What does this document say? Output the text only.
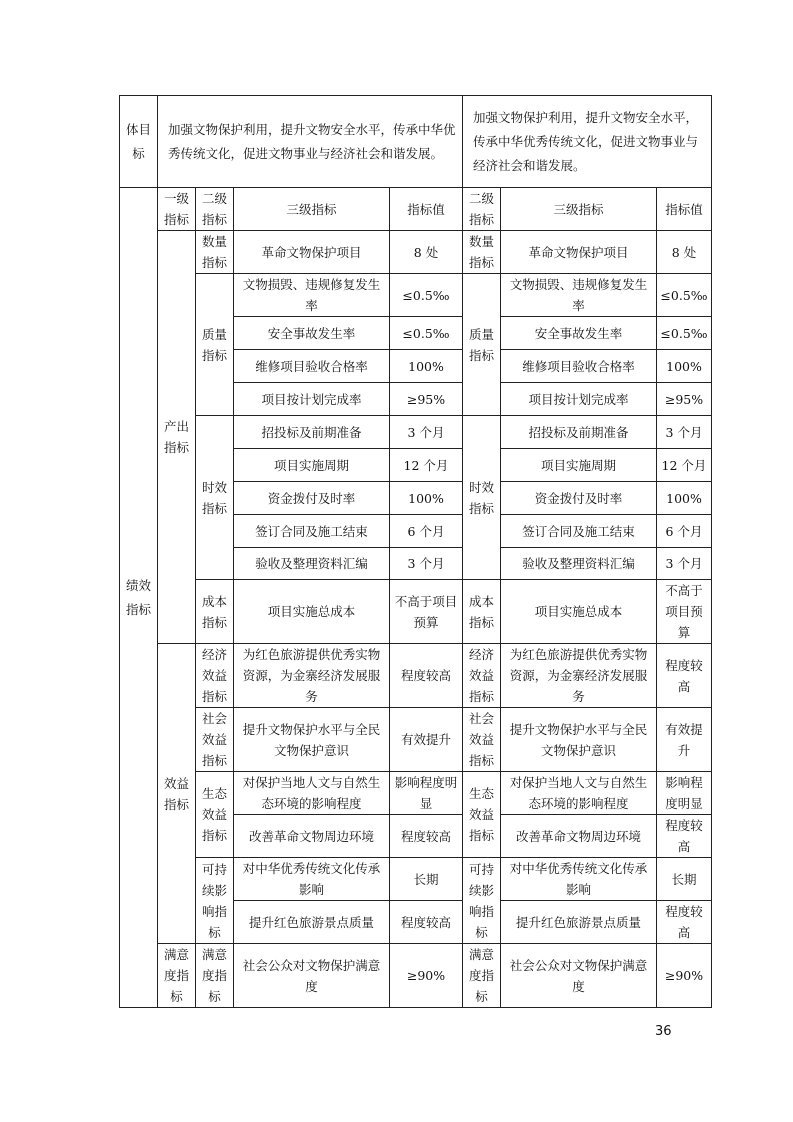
体目标	加强文物保护利用，提升文物安全水平，传承中华优秀传统文化，促进文物事业与经济社会和谐发展。	加强文物保护利用，提升文物安全水平，传承中华优秀传统文化，促进文物事业与经济社会和谐发展。
绩效指标	一级指标	二级指标	三级指标	指标值	二级指标	三级指标	指标值
	产出指标	数量指标	革命文物保护项目	8 处	数量指标	革命文物保护项目	8 处
		质量指标	文物损毁、违规修复发生率	≤0.5‰	质量指标	文物损毁、违规修复发生率	≤0.5‰
			安全事故发生率	≤0.5‰		安全事故发生率	≤0.5‰
			维修项目验收合格率	100%		维修项目验收合格率	100%
			项目按计划完成率	≥95%		项目按计划完成率	≥95%
		时效指标	招投标及前期准备	3 个月	时效指标	招投标及前期准备	3 个月
			项目实施周期	12 个月		项目实施周期	12 个月
			资金拨付及时率	100%		资金拨付及时率	100%
			签订合同及施工结束	6 个月		签订合同及施工结束	6 个月
			验收及整理资料汇编	3 个月		验收及整理资料汇编	3 个月
		成本指标	项目实施总成本	不高于项目预算	成本指标	项目实施总成本	不高于项目预算
	效益指标	经济效益指标	为红色旅游提供优秀实物资源，为金寨经济发展服务	程度较高	经济效益指标	为红色旅游提供优秀实物资源，为金寨经济发展服务	程度较高
		社会效益指标	提升文物保护水平与全民文物保护意识	有效提升	社会效益指标	提升文物保护水平与全民文物保护意识	有效提升
		生态效益指标	对保护当地人文与自然生态环境的影响程度	影响程度明显	生态效益指标	对保护当地人文与自然生态环境的影响程度	影响程度明显
			改善革命文物周边环境	程度较高		改善革命文物周边环境	程度较高
		可持续影响指标	对中华优秀传统文化传承影响	长期	可持续影响指标	对中华优秀传统文化传承影响	长期
			提升红色旅游景点质量	程度较高		提升红色旅游景点质量	程度较高
	满意度指标	满意度指标	社会公众对文物保护满意度	≥90%	满意度指标	社会公众对文物保护满意度	≥90%
36
